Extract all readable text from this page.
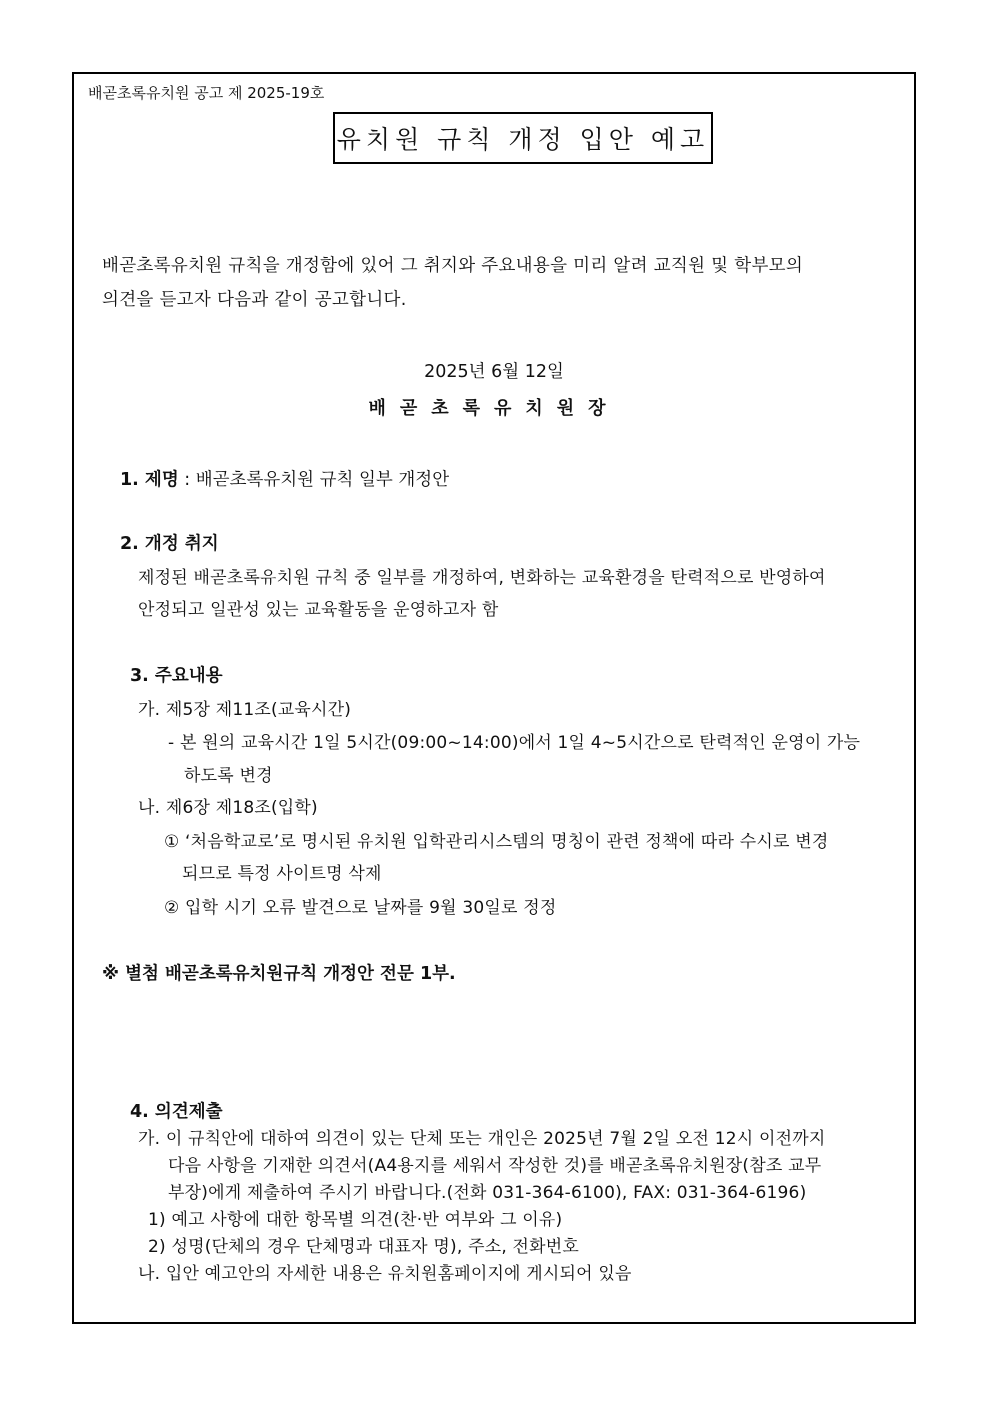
배곧초록유치원 공고 제 2025-19호
유치원 규칙 개정 입안 예고
배곧초록유치원 규칙을 개정함에 있어 그 취지와 주요내용을 미리 알려 교직원 및 학부모의
의견을 듣고자 다음과 같이 공고합니다.
2025년 6월 12일
배곧초록유치원장
1. 제명 : 배곧초록유치원 규칙 일부 개정안
2. 개정 취지
제정된 배곧초록유치원 규칙 중 일부를 개정하여, 변화하는 교육환경을 탄력적으로 반영하여
안정되고 일관성 있는 교육활동을 운영하고자 함
3. 주요내용
가. 제5장 제11조(교육시간)
- 본 원의 교육시간 1일 5시간(09:00~14:00)에서 1일 4~5시간으로 탄력적인 운영이 가능
하도록 변경
나. 제6장 제18조(입학)
① ‘처음학교로’로 명시된 유치원 입학관리시스템의 명칭이 관련 정책에 따라 수시로 변경
되므로 특정 사이트명 삭제
② 입학 시기 오류 발견으로 날짜를 9월 30일로 정정
※ 별첨 배곧초록유치원규칙 개정안 전문 1부.
4. 의견제출
가. 이 규칙안에 대하여 의견이 있는 단체 또는 개인은 2025년 7월 2일 오전 12시 이전까지
다음 사항을 기재한 의견서(A4용지를 세워서 작성한 것)를 배곧초록유치원장(참조 교무
부장)에게 제출하여 주시기 바랍니다.(전화 031-364-6100), FAX: 031-364-6196)
1) 예고 사항에 대한 항목별 의견(찬·반 여부와 그 이유)
2) 성명(단체의 경우 단체명과 대표자 명), 주소, 전화번호
나. 입안 예고안의 자세한 내용은 유치원홈페이지에 게시되어 있음
